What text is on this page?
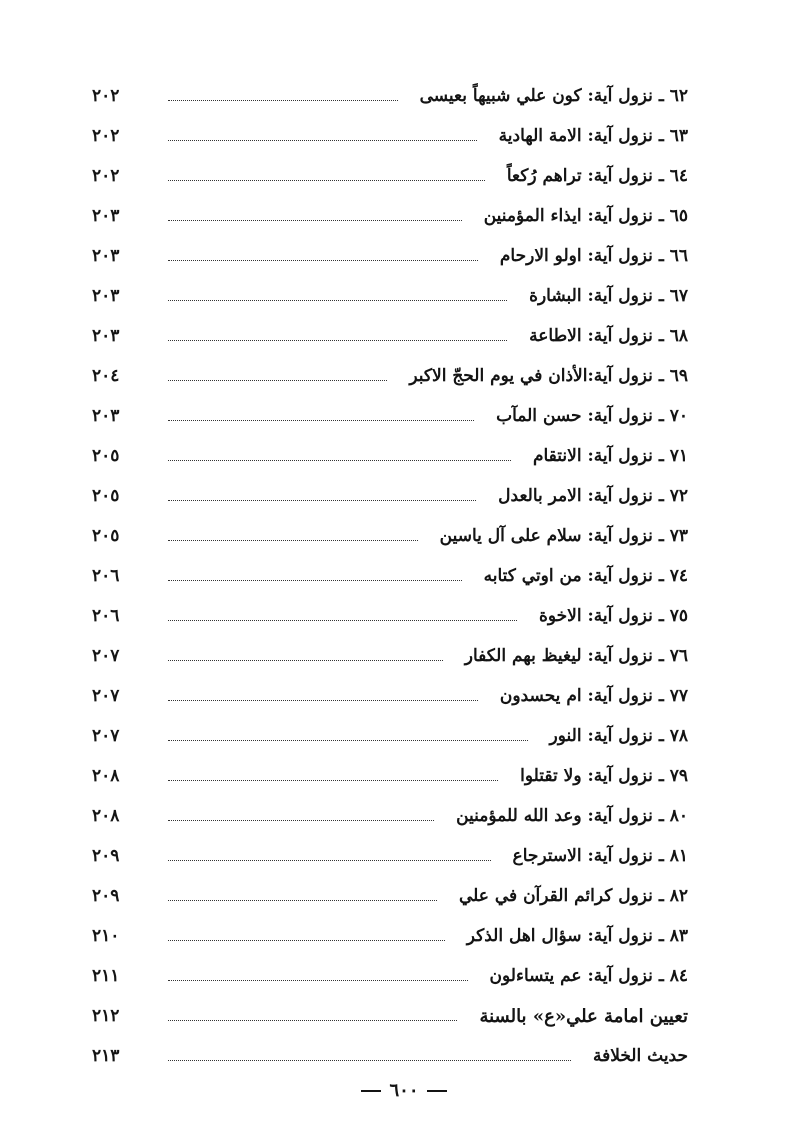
٦٢ ـ نزول آية: كون علي شبيهاً بعيسى
٢٠٢
٦٣ ـ نزول آية: الامة الهادية
٢٠٢
٦٤ ـ نزول آية: تراهم رُكعاً
٢٠٢
٦٥ ـ نزول آية: ايذاء المؤمنين
٢٠٣
٦٦ ـ نزول آية: اولو الارحام
٢٠٣
٦٧ ـ نزول آية: البشارة
٢٠٣
٦٨ ـ نزول آية: الاطاعة
٢٠٣
٦٩ ـ نزول آية:الأذان في يوم الحجّ الاكبر
٢٠٤
٧٠ ـ نزول آية: حسن المآب
٢٠٣
٧١ ـ نزول آية: الانتقام
٢٠٥
٧٢ ـ نزول آية: الامر بالعدل
٢٠٥
٧٣ ـ نزول آية: سلام على آل ياسين
٢٠٥
٧٤ ـ نزول آية: من اوتي كتابه
٢٠٦
٧٥ ـ نزول آية: الاخوة
٢٠٦
٧٦ ـ نزول آية: ليغيظ بهم الكفار
٢٠٧
٧٧ ـ نزول آية: ام يحسدون
٢٠٧
٧٨ ـ نزول آية: النور
٢٠٧
٧٩ ـ نزول آية: ولا تقتلوا
٢٠٨
٨٠ ـ نزول آية: وعد الله للمؤمنين
٢٠٨
٨١ ـ نزول آية: الاسترجاع
٢٠٩
٨٢ ـ نزول كرائم القرآن في علي
٢٠٩
٨٣ ـ نزول آية: سؤال اهل الذكر
٢١٠
٨٤ ـ نزول آية: عم يتساءلون
٢١١
تعيين امامة علي«ع» بالسنة
٢١٢
حديث الخلافة
٢١٣
٦٠٠
